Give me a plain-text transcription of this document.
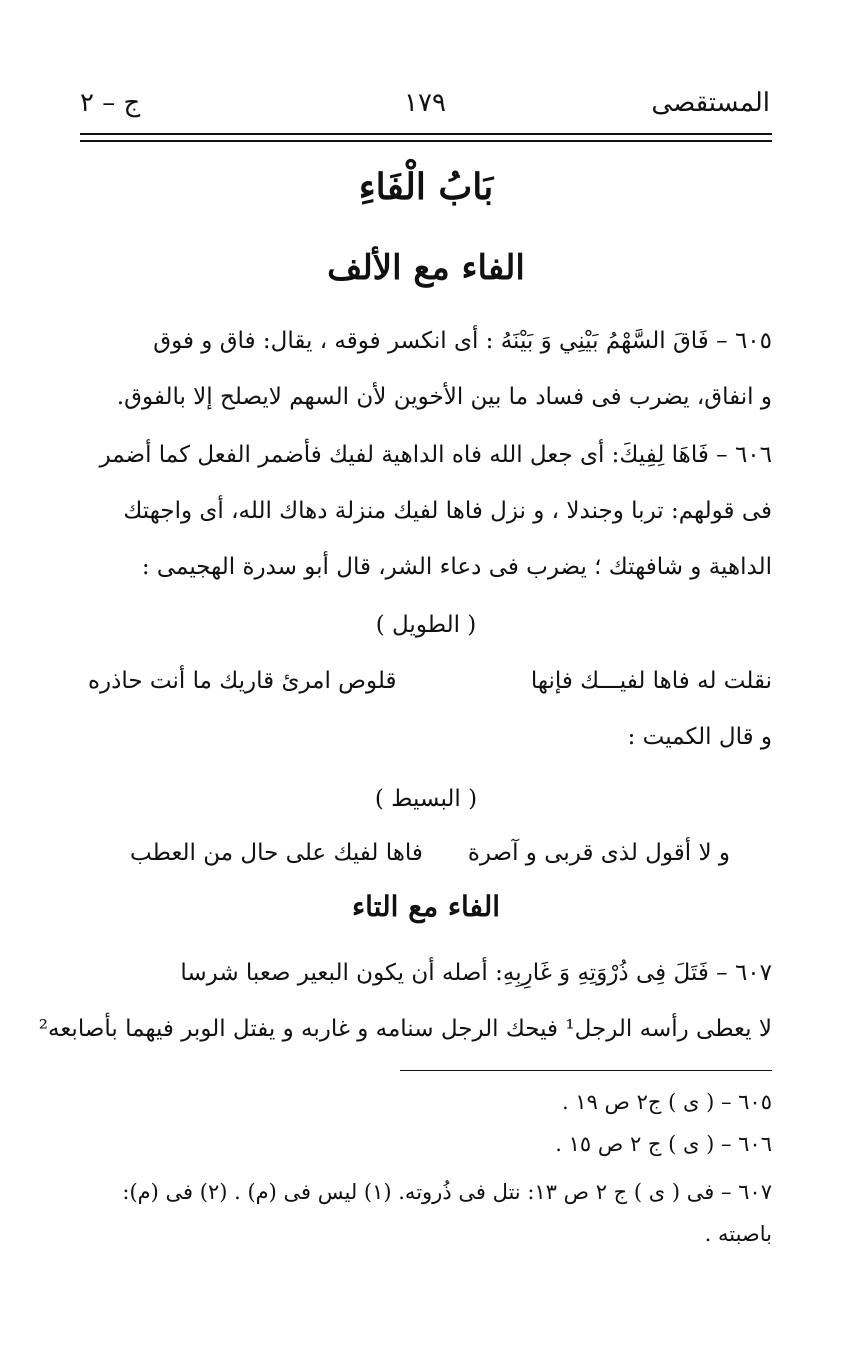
المستقصى
١٧٩
ج – ٢
بَابُ الْفَاءِ
الفاء مع الألف
٦٠٥ – فَاقَ السَّهْمُ بَيْنِي وَ بَيْنَهُ : أى انكسر فوقه ، يقال: فاق و فوق
و انفاق، يضرب فى فساد ما بين الأخوين لأن السهم لايصلح إلا بالفوق.
٦٠٦ – فَاهَا لِفِيكَ: أى جعل الله فاه الداهية لفيك فأضمر الفعل كما أضمر
فى قولهم: تربا وجندلا ، و نزل فاها لفيك منزلة دهاك الله، أى واجهتك
الداهية و شافهتك ؛ يضرب فى دعاء الشر، قال أبو سدرة الهجيمى :
( الطويل )
نقلت له فاها لفيـــك فإنها
قلوص امرئ قاريك ما أنت حاذره
و قال الكميت :
( البسيط )
و لا أقول لذى قربى و آصرة
فاها لفيك على حال من العطب
الفاء مع التاء
٦٠٧ – فَتَلَ فِى ذُرْوَتِهِ وَ غَارِبِهِ: أصله أن يكون البعير صعبا شرسا
لا يعطى رأسه الرجل¹ فيحك الرجل سنامه و غاربه و يفتل الوبر فيهما بأصابعه²
٦٠٥ – ( ى ) ج٢ ص ١٩ .
٦٠٦ – ( ى ) ج ٢ ص ١٥ .
٦٠٧ – فى ( ى ) ج ٢ ص ١٣: نتل فى ذُروته. (١) ليس فى (م) . (٢) فى (م):
باصبته .
